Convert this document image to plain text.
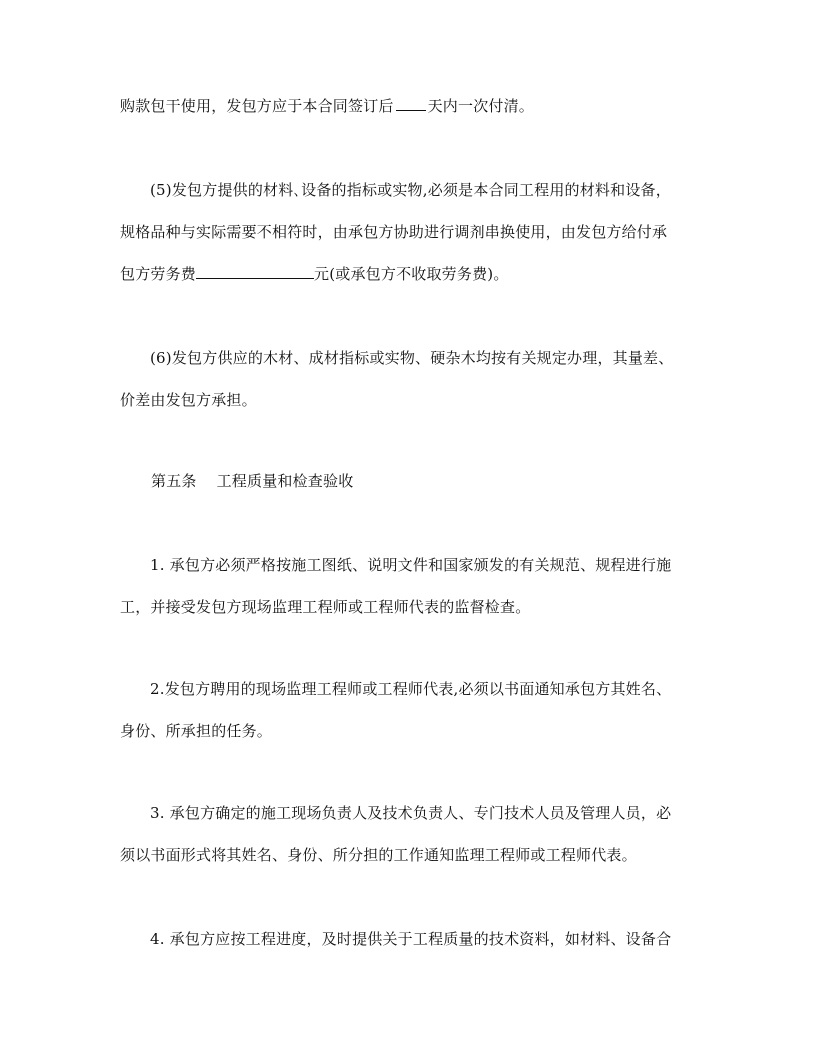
购款包干使用，发包方应于本合同签订后 天内一次付清。
(5)发包方提供的材料､设备的指标或实物,必须是本合同工程用的材料和设备，
规格品种与实际需要不相符时，由承包方协助进行调剂串换使用，由发包方给付承
包方劳务费	元(或承包方不收取劳务费)。
(6)发包方供应的木材、成材指标或实物、硬杂木均按有关规定办理，其量差、
价差由发包方承担。
第五条 工程质量和检查验收
1. 承包方必须严格按施工图纸、说明文件和国家颁发的有关规范、规程进行施
工，并接受发包方现场监理工程师或工程师代表的监督检查。
2.发包方聘用的现场监理工程师或工程师代表,必须以书面通知承包方其姓名、
身份、所承担的任务。
3. 承包方确定的施工现场负责人及技术负责人、专门技术人员及管理人员，必
须以书面形式将其姓名、身份、所分担的工作通知监理工程师或工程师代表。
4. 承包方应按工程进度，及时提供关于工程质量的技术资料，如材料、设备合
